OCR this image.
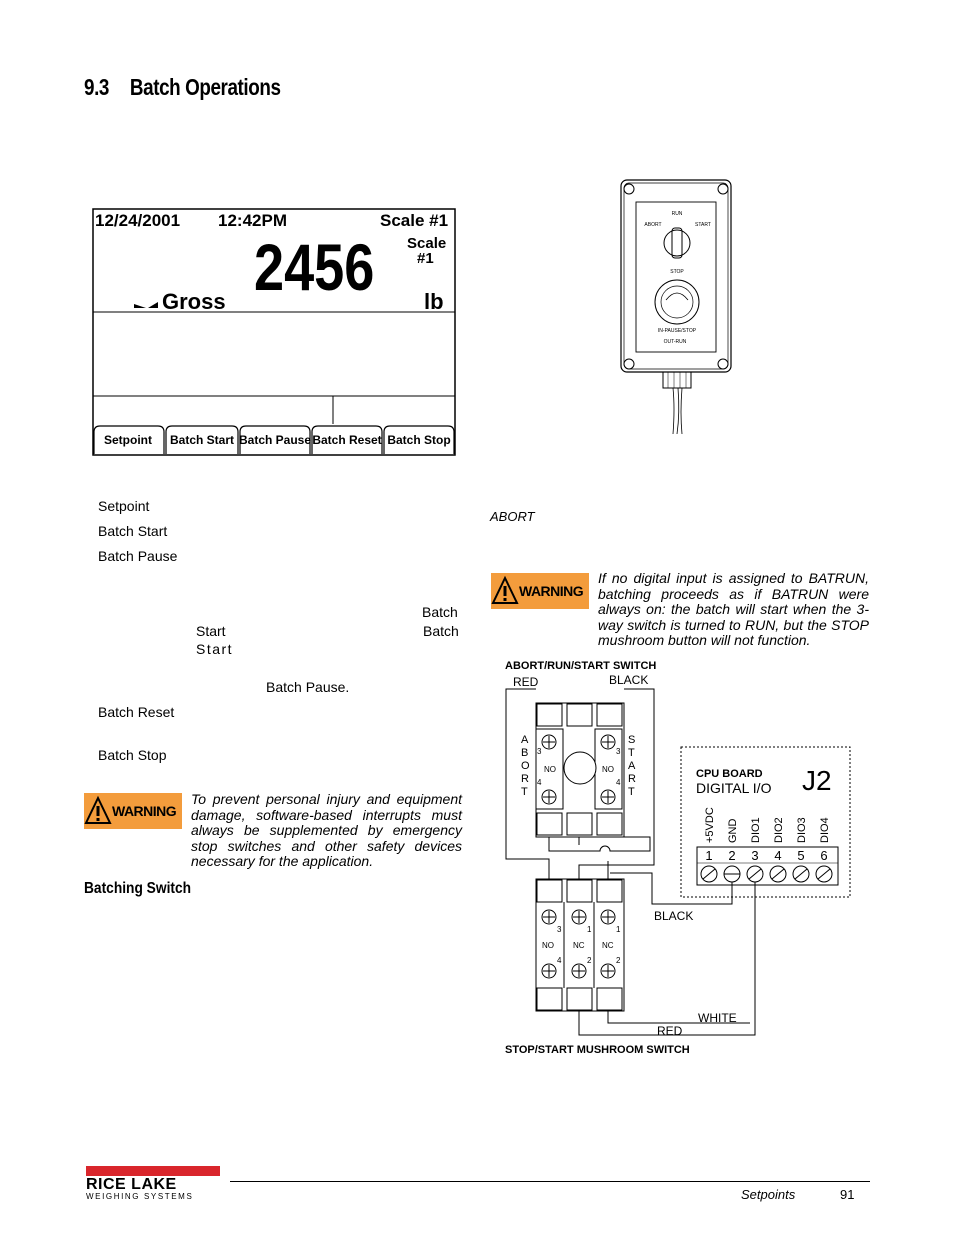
9.3 Batch Operations
12/24/2001 12:42PM	Scale #1
2456 Scale
#1
Gross	lb
Setpoint Batch Start Batch Pause Batch Reset Batch Stop
RUN
ABORT	START
STOP
IN-PAUSE/STOP
OUT-RUN
Setpoint
Batch Start
Batch Pause
Batch
Start	Batch
Start
Batch Pause.
Batch Reset
Batch Stop
WARNING
To prevent personal injury and equipment damage, software-based interrupts must always be supplemented by emergency stop switches and other safety devices necessary for the application.
Batching Switch
ABORT
WARNING
If no digital input is assigned to BATRUN, batching proceeds as if BATRUN were always on: the batch will start when the 3-way switch is turned to RUN, but the STOP mushroom button will not function.
ABORT/RUN/START SWITCH
RED	BLACK
STOP/START MUSHROOM SWITCH
BLACK
WHITE
RED
A
B
O
R
T
S
T
A
R
T
3
NO
4
3
NO
4
3
NO
4
1
NC
2
1
NC
2
CPU BOARD
DIGITAL I/O J2
+5VDC GND DIO1 DIO2 DIO3 DIO4
1 2 3 4 5 6
RICE LAKE
WEIGHING SYSTEMS	Setpoints	91
